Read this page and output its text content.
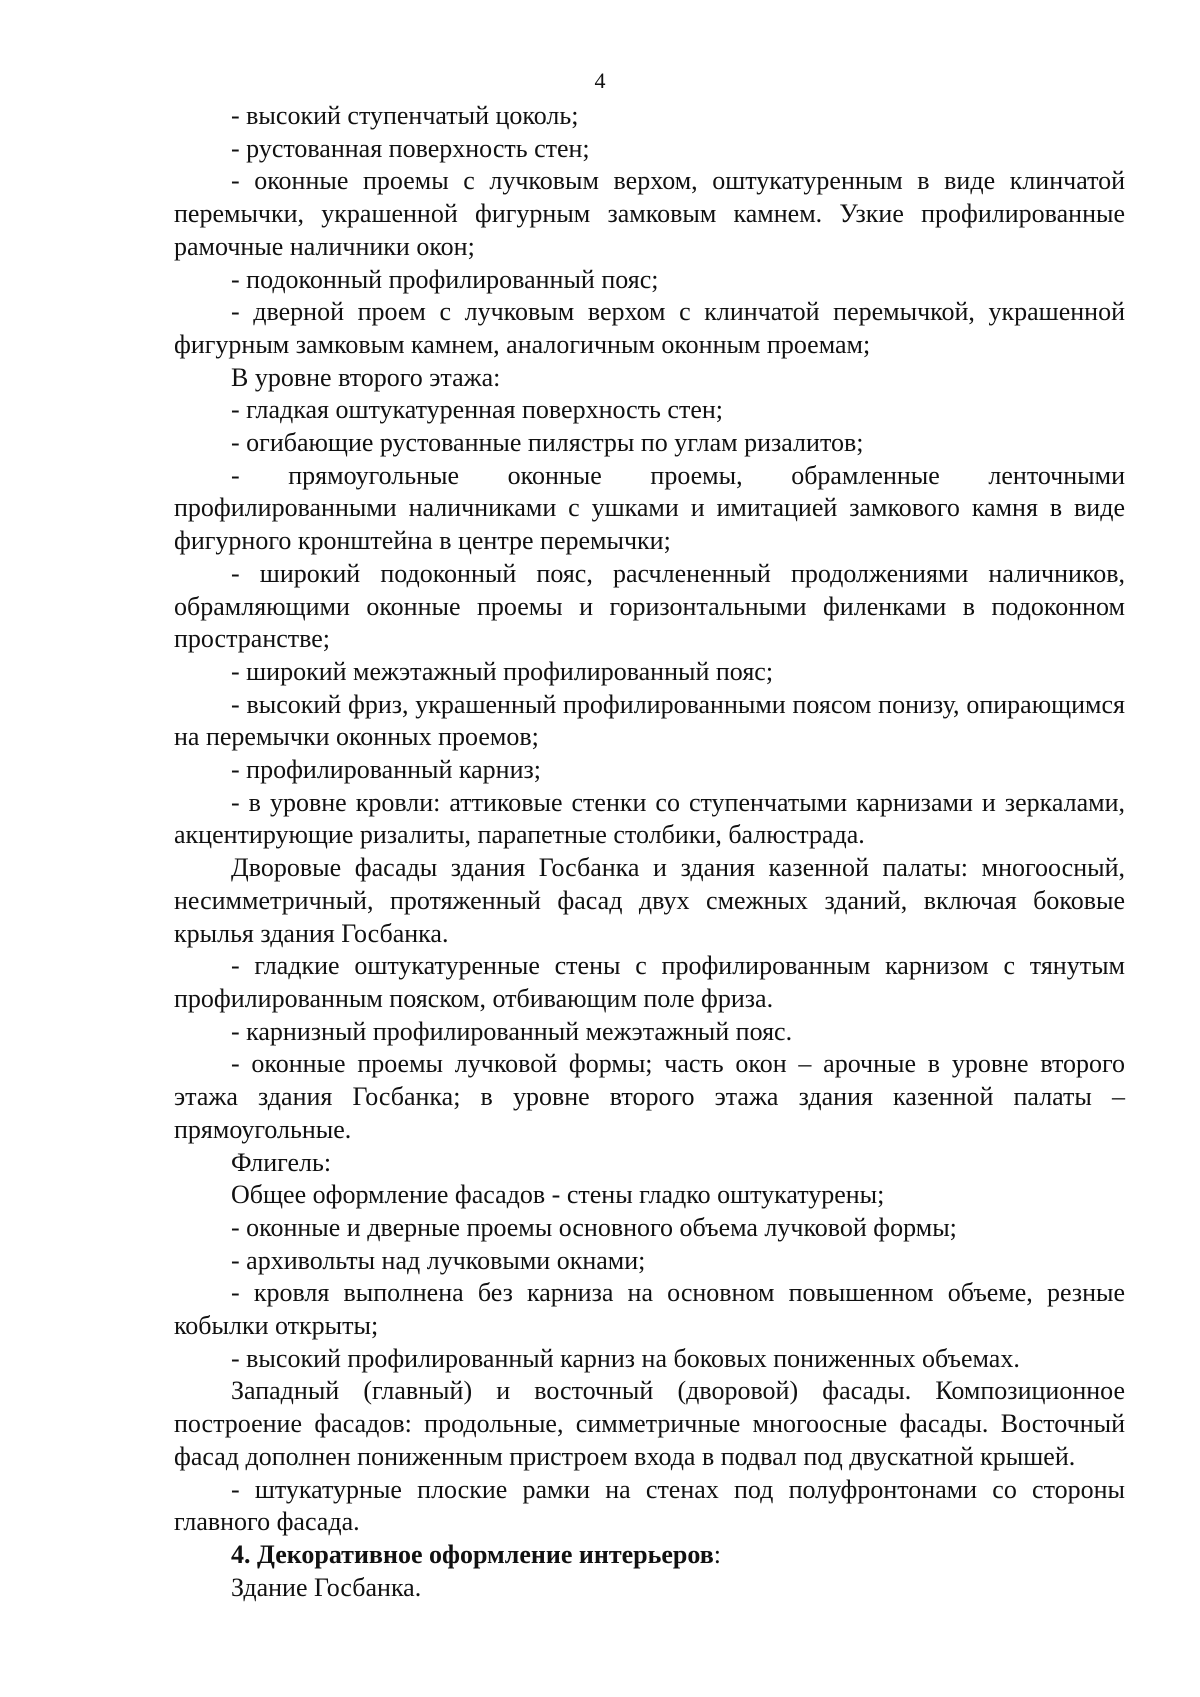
4

- высокий ступенчатый цоколь;

- рустованная поверхность стен;

- оконные проемы с лучковым верхом, оштукатуренным в виде клинчатой перемычки, украшенной фигурным замковым камнем. Узкие профилированные рамочные наличники окон;

- подоконный профилированный пояс;

- дверной проем с лучковым верхом с клинчатой перемычкой, украшенной фигурным замковым камнем, аналогичным оконным проемам;

В уровне второго этажа:

- гладкая оштукатуренная поверхность стен;

- огибающие рустованные пилястры по углам ризалитов;

- прямоугольные оконные проемы, обрамленные ленточными профилированными наличниками с ушками и имитацией замкового камня в виде фигурного кронштейна в центре перемычки;

- широкий подоконный пояс, расчлененный продолжениями наличников, обрамляющими оконные проемы и горизонтальными филенками в подоконном пространстве;

- широкий межэтажный профилированный пояс;

- высокий фриз, украшенный профилированными поясом понизу, опирающимся на перемычки оконных проемов;

- профилированный карниз;

- в уровне кровли: аттиковые стенки со ступенчатыми карнизами и зеркалами, акцентирующие ризалиты, парапетные столбики, балюстрада.

Дворовые фасады здания Госбанка и здания казенной палаты: многоосный, несимметричный, протяженный фасад двух смежных зданий, включая боковые крылья здания Госбанка.

- гладкие оштукатуренные стены с профилированным карнизом с тянутым профилированным пояском, отбивающим поле фриза.

- карнизный профилированный межэтажный пояс.

- оконные проемы лучковой формы; часть окон – арочные в уровне второго этажа здания Госбанка; в уровне второго этажа здания казенной палаты – прямоугольные.

Флигель:

Общее оформление фасадов - стены гладко оштукатурены;

- оконные и дверные проемы основного объема лучковой формы;

- архивольты над лучковыми окнами;

- кровля выполнена без карниза на основном повышенном объеме, резные кобылки открыты;

- высокий профилированный карниз на боковых пониженных объемах.

Западный (главный) и восточный (дворовой) фасады. Композиционное построение фасадов: продольные, симметричные многоосные фасады. Восточный фасад дополнен пониженным пристроем входа в подвал под двускатной крышей.

- штукатурные плоские рамки на стенах под полуфронтонами со стороны главного фасада.

4. Декоративное оформление интерьеров:

Здание Госбанка.
